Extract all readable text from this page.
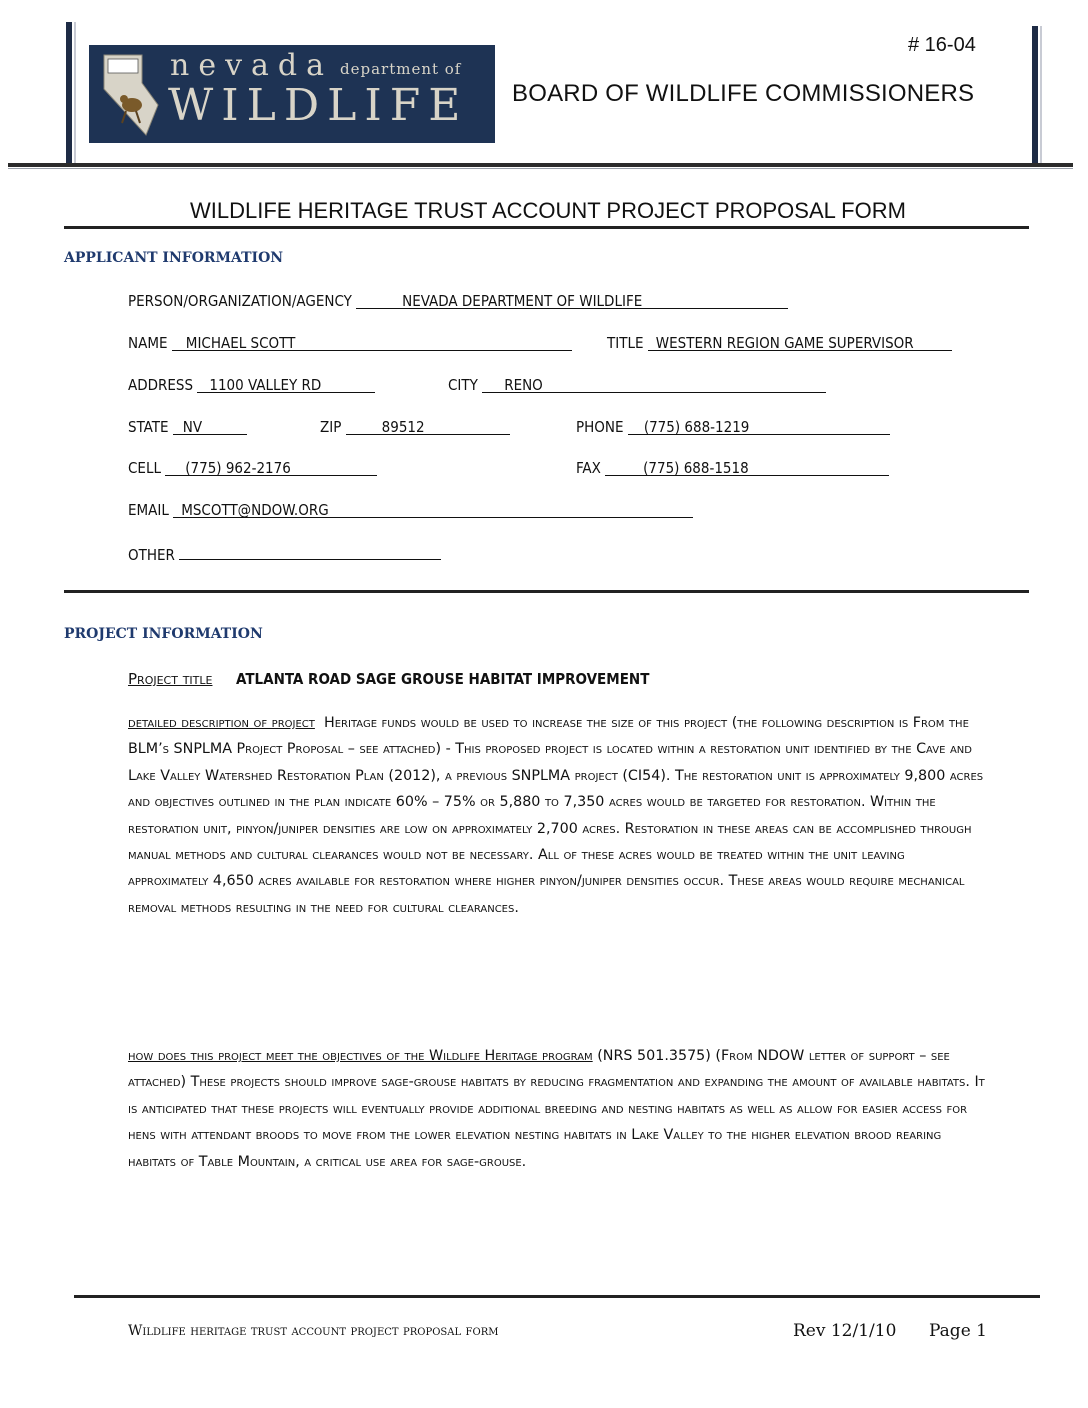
nevada department of
WILDLIFE
# 16-04
BOARD OF WILDLIFE COMMISSIONERS
WILDLIFE HERITAGE TRUST ACCOUNT PROJECT PROPOSAL FORM
APPLICANT INFORMATION
PERSON/ORGANIZATION/AGENCY	NEVADA DEPARTMENT OF WILDLIFE
NAME MICHAEL SCOTT	TITLE WESTERN REGION GAME SUPERVISOR
ADDRESS 1100 VALLEY RD	CITY RENO
STATE NV	ZIP	89512	PHONE (775) 688-1219
CELL (775) 962-2176	FAX	(775) 688-1518
EMAIL MSCOTT@NDOW.ORG
OTHER
PROJECT INFORMATION
Project title ATLANTA ROAD SAGE GROUSE HABITAT IMPROVEMENT
detailed description of project Heritage funds would be used to increase the size of this project (the following description is From the BLM’s SNPLMA Project Proposal – see attached) - This proposed project is located within a restoration unit identified by the Cave and Lake Valley Watershed Restoration Plan (2012), a previous SNPLMA project (CI54). The restoration unit is approximately 9,800 acres and objectives outlined in the plan indicate 60% – 75% or 5,880 to 7,350 acres would be targeted for restoration. Within the restoration unit, pinyon/juniper densities are low on approximately 2,700 acres. Restoration in these areas can be accomplished through manual methods and cultural clearances would not be necessary. All of these acres would be treated within the unit leaving approximately 4,650 acres available for restoration where higher pinyon/juniper densities occur. These areas would require mechanical removal methods resulting in the need for cultural clearances.
how does this project meet the objectives of the Wildlife Heritage program (NRS 501.3575) (From NDOW letter of support – see attached) These projects should improve sage-grouse habitats by reducing fragmentation and expanding the amount of available habitats. It is anticipated that these projects will eventually provide additional breeding and nesting habitats as well as allow for easier access for hens with attendant broods to move from the lower elevation nesting habitats in Lake Valley to the higher elevation brood rearing habitats of Table Mountain, a critical use area for sage-grouse.
Wildlife heritage trust account project proposal form	Rev 12/1/10 Page 1
